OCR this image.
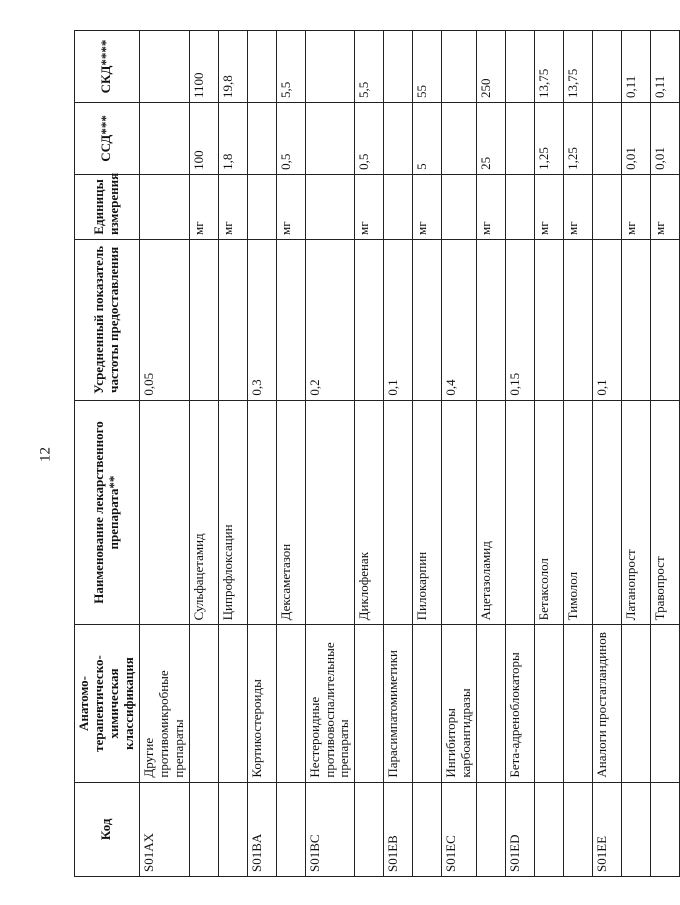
12
Код	Анатомо-терапевтическо-химическая классификация	Наименование лекарственного препарата**	Усредненный показатель частоты предоставления	Единицы измерения	ССД***	СКД****
S01AX	Другие противомикробные препараты		0,05			
		Сульфацетамид		мг	100	1100
		Ципрофлоксацин		мг	1,8	19,8
S01BA	Кортикостероиды		0,3			
		Дексаметазон		мг	0,5	5,5
S01BC	Нестероидные противовоспалительные препараты		0,2			
		Диклофенак		мг	0,5	5,5
S01EB	Парасимпатомиметики		0,1			
		Пилокарпин		мг	5	55
S01EC	Ингибиторы карбоангидразы		0,4			
		Ацетазоламид		мг	25	250
S01ED	Бета-адреноблокаторы		0,15			
		Бетаксолол		мг	1,25	13,75
		Тимолол		мг	1,25	13,75
S01EE	Аналоги простагландинов		0,1			
		Латанопрост		мг	0,01	0,11
		Травопрост		мг	0,01	0,11
